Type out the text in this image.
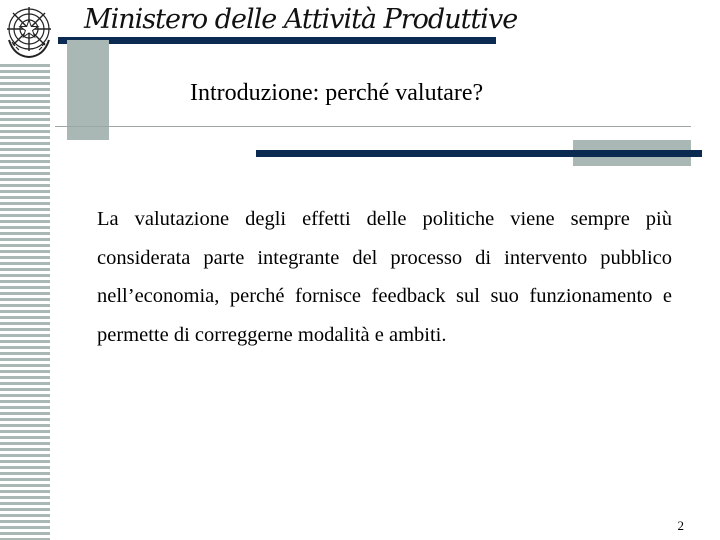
Ministero delle Attività Produttive
Introduzione: perché valutare?

La valutazione degli effetti delle politiche viene sempre più considerata parte integrante del processo di intervento pubblico nell’economia, perché fornisce feedback sul suo funzionamento e permette di correggerne modalità e ambiti.

2
